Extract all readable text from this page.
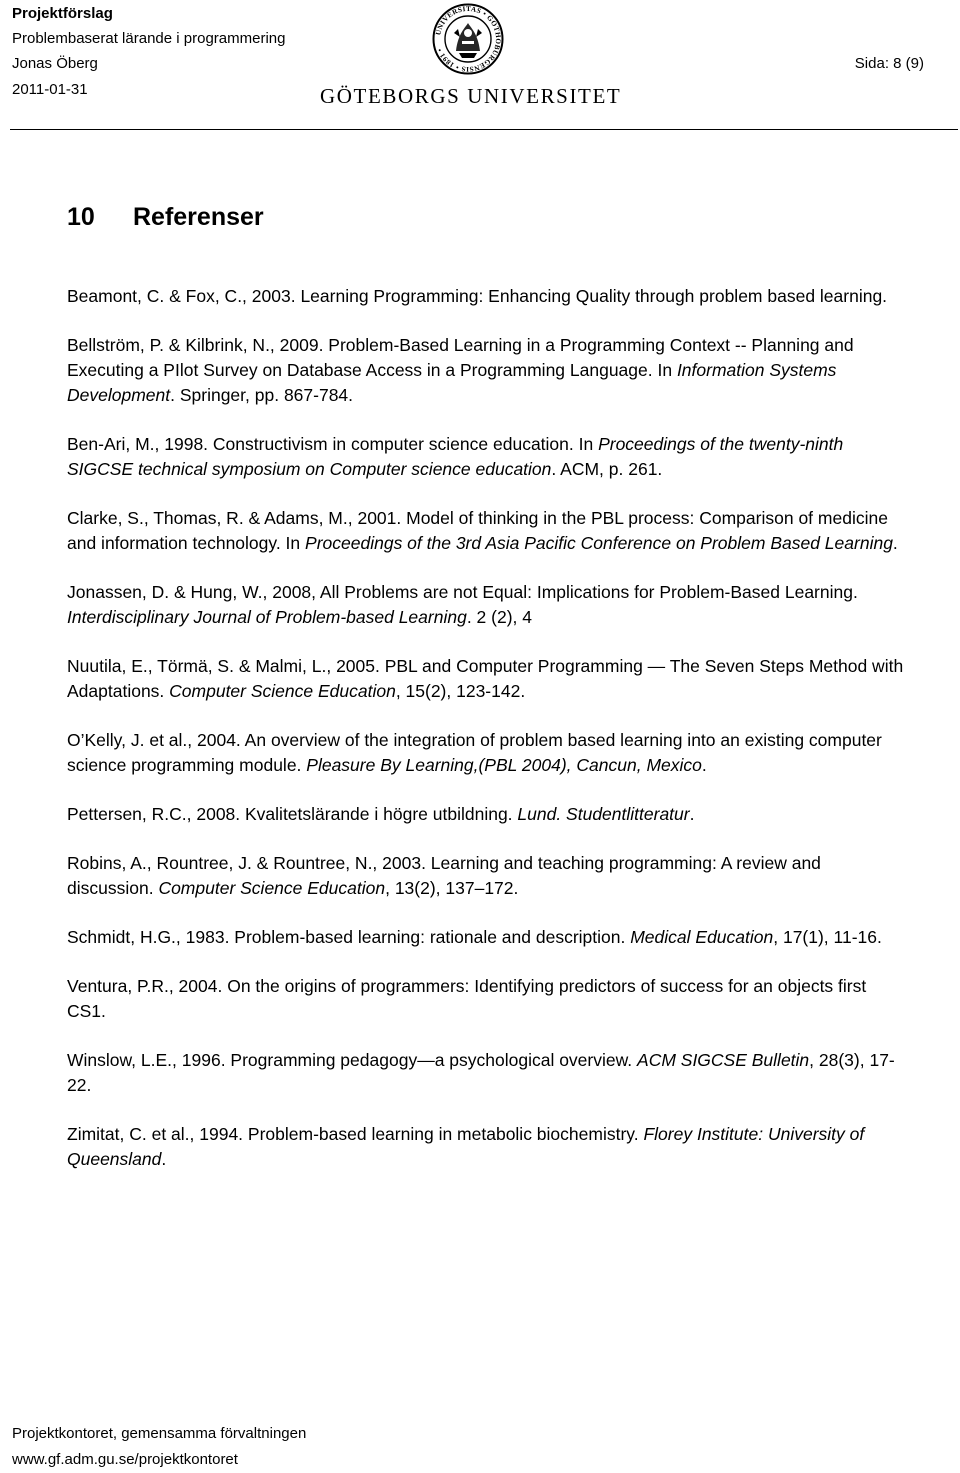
Projektförslag
Problembaserat lärande i programmering
Jonas Öberg
2011-01-31
Sida: 8 (9)
UNIVERSITAS • GOTHOBURGENSIS • 1891 •
GÖTEBORGS UNIVERSITET
10 Referenser

Beamont, C. & Fox, C., 2003. Learning Programming: Enhancing Quality through problem based learning.

Bellström, P. & Kilbrink, N., 2009. Problem-Based Learning in a Programming Context -- Planning and Executing a PIlot Survey on Database Access in a Programming Language. In Information Systems Development. Springer, pp. 867-784.

Ben-Ari, M., 1998. Constructivism in computer science education. In Proceedings of the twenty-ninth SIGCSE technical symposium on Computer science education. ACM, p. 261.

Clarke, S., Thomas, R. & Adams, M., 2001. Model of thinking in the PBL process: Comparison of medicine and information technology. In Proceedings of the 3rd Asia Pacific Conference on Problem Based Learning.

Jonassen, D. & Hung, W., 2008, All Problems are not Equal: Implications for Problem-Based Learning. Interdisciplinary Journal of Problem-based Learning. 2 (2), 4

Nuutila, E., Törmä, S. & Malmi, L., 2005. PBL and Computer Programming — The Seven Steps Method with Adaptations. Computer Science Education, 15(2), 123-142.

O’Kelly, J. et al., 2004. An overview of the integration of problem based learning into an existing computer science programming module. Pleasure By Learning,(PBL 2004), Cancun, Mexico.

Pettersen, R.C., 2008. Kvalitetslärande i högre utbildning. Lund. Studentlitteratur.

Robins, A., Rountree, J. & Rountree, N., 2003. Learning and teaching programming: A review and discussion. Computer Science Education, 13(2), 137–172.

Schmidt, H.G., 1983. Problem-based learning: rationale and description. Medical Education, 17(1), 11-16.

Ventura, P.R., 2004. On the origins of programmers: Identifying predictors of success for an objects first CS1.

Winslow, L.E., 1996. Programming pedagogy—a psychological overview. ACM SIGCSE Bulletin, 28(3), 17-22.

Zimitat, C. et al., 1994. Problem-based learning in metabolic biochemistry. Florey Institute: University of Queensland.

Projektkontoret, gemensamma förvaltningen
www.gf.adm.gu.se/projektkontoret
